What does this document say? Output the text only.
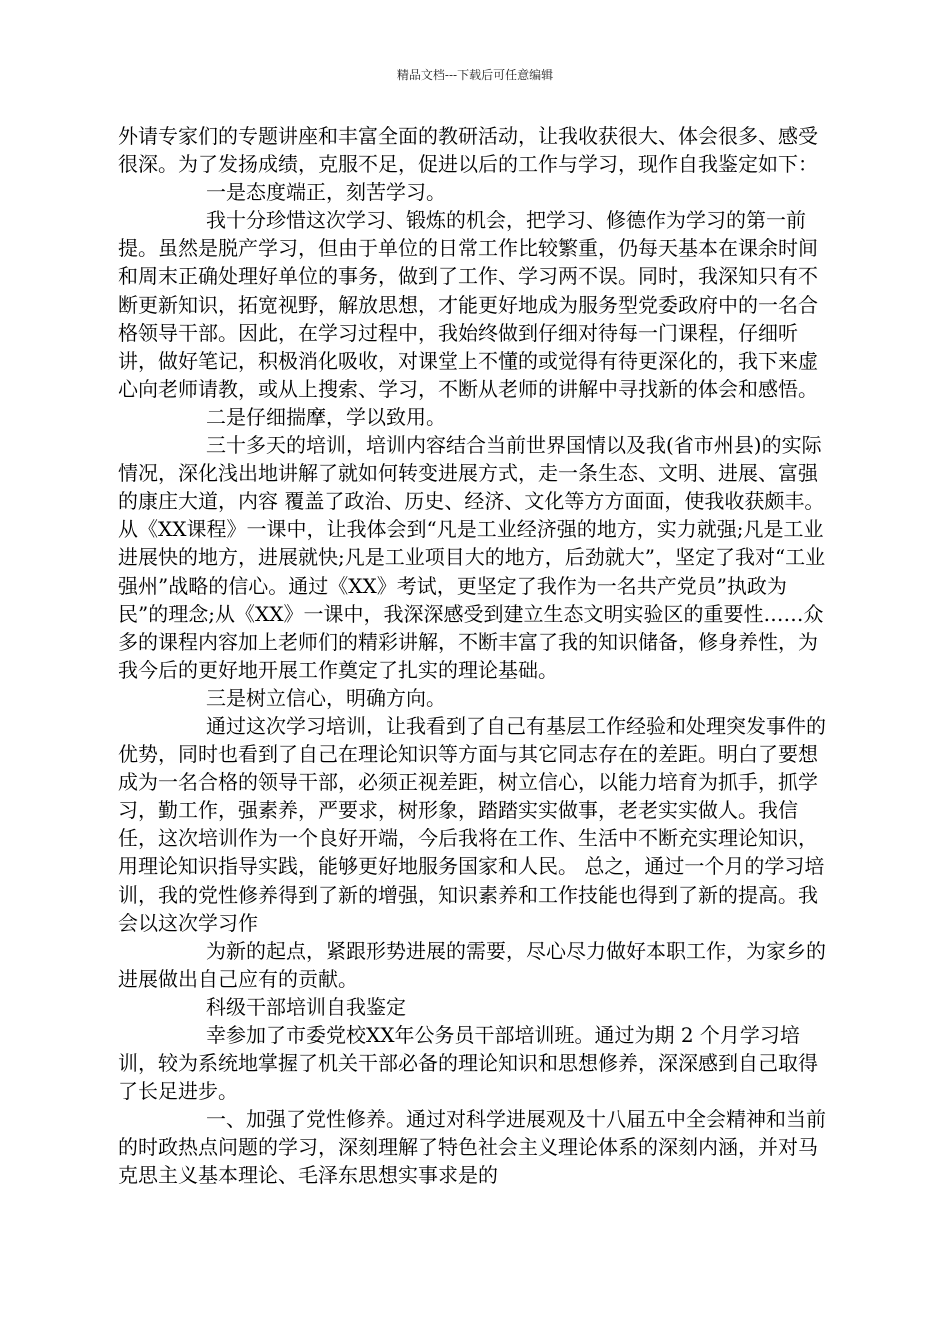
精品文档---下载后可任意编辑

外请专家们的专题讲座和丰富全面的教研活动，让我收获很大、体会很多、感受很深。为了发扬成绩，克服不足，促进以后的工作与学习，现作自我鉴定如下：

一是态度端正，刻苦学习。

我十分珍惜这次学习、锻炼的机会，把学习、修德作为学习的第一前提。虽然是脱产学习，但由于单位的日常工作比较繁重，仍每天基本在课余时间和周末正确处理好单位的事务，做到了工作、学习两不误。同时，我深知只有不断更新知识，拓宽视野，解放思想，才能更好地成为服务型党委政府中的一名合格领导干部。因此，在学习过程中，我始终做到仔细对待每一门课程，仔细听讲，做好笔记，积极消化吸收，对课堂上不懂的或觉得有待更深化的，我下来虚心向老师请教，或从上搜索、学习，不断从老师的讲解中寻找新的体会和感悟。

二是仔细揣摩，学以致用。

三十多天的培训，培训内容结合当前世界国情以及我(省市州县)的实际情况，深化浅出地讲解了就如何转变进展方式，走一条生态、文明、进展、富强的康庄大道，内容 覆盖了政治、历史、经济、文化等方方面面，使我收获颇丰。从《XX课程》一课中，让我体会到“凡是工业经济强的地方，实力就强;凡是工业进展快的地方，进展就快;凡是工业项目大的地方，后劲就大”，坚定了我对“工业强州”战略的信心。通过《XX》考试，更坚定了我作为一名共产党员”执政为民”的理念;从《XX》一课中，我深深感受到建立生态文明实验区的重要性……众多的课程内容加上老师们的精彩讲解，不断丰富了我的知识储备，修身养性，为我今后的更好地开展工作奠定了扎实的理论基础。

三是树立信心，明确方向。

通过这次学习培训，让我看到了自己有基层工作经验和处理突发事件的优势，同时也看到了自己在理论知识等方面与其它同志存在的差距。明白了要想成为一名合格的领导干部，必须正视差距，树立信心，以能力培育为抓手，抓学习，勤工作，强素养，严要求，树形象，踏踏实实做事，老老实实做人。我信任，这次培训作为一个良好开端，今后我将在工作、生活中不断充实理论知识，用理论知识指导实践，能够更好地服务国家和人民。 总之，通过一个月的学习培训，我的党性修养得到了新的增强，知识素养和工作技能也得到了新的提高。我会以这次学习作

为新的起点，紧跟形势进展的需要，尽心尽力做好本职工作，为家乡的进展做出自己应有的贡献。

科级干部培训自我鉴定

幸参加了市委党校XX年公务员干部培训班。通过为期 2 个月学习培训，较为系统地掌握了机关干部必备的理论知识和思想修养，深深感到自己取得了长足进步。

一、加强了党性修养。通过对科学进展观及十八届五中全会精神和当前的时政热点问题的学习，深刻理解了特色社会主义理论体系的深刻内涵，并对马克思主义基本理论、毛泽东思想实事求是的
